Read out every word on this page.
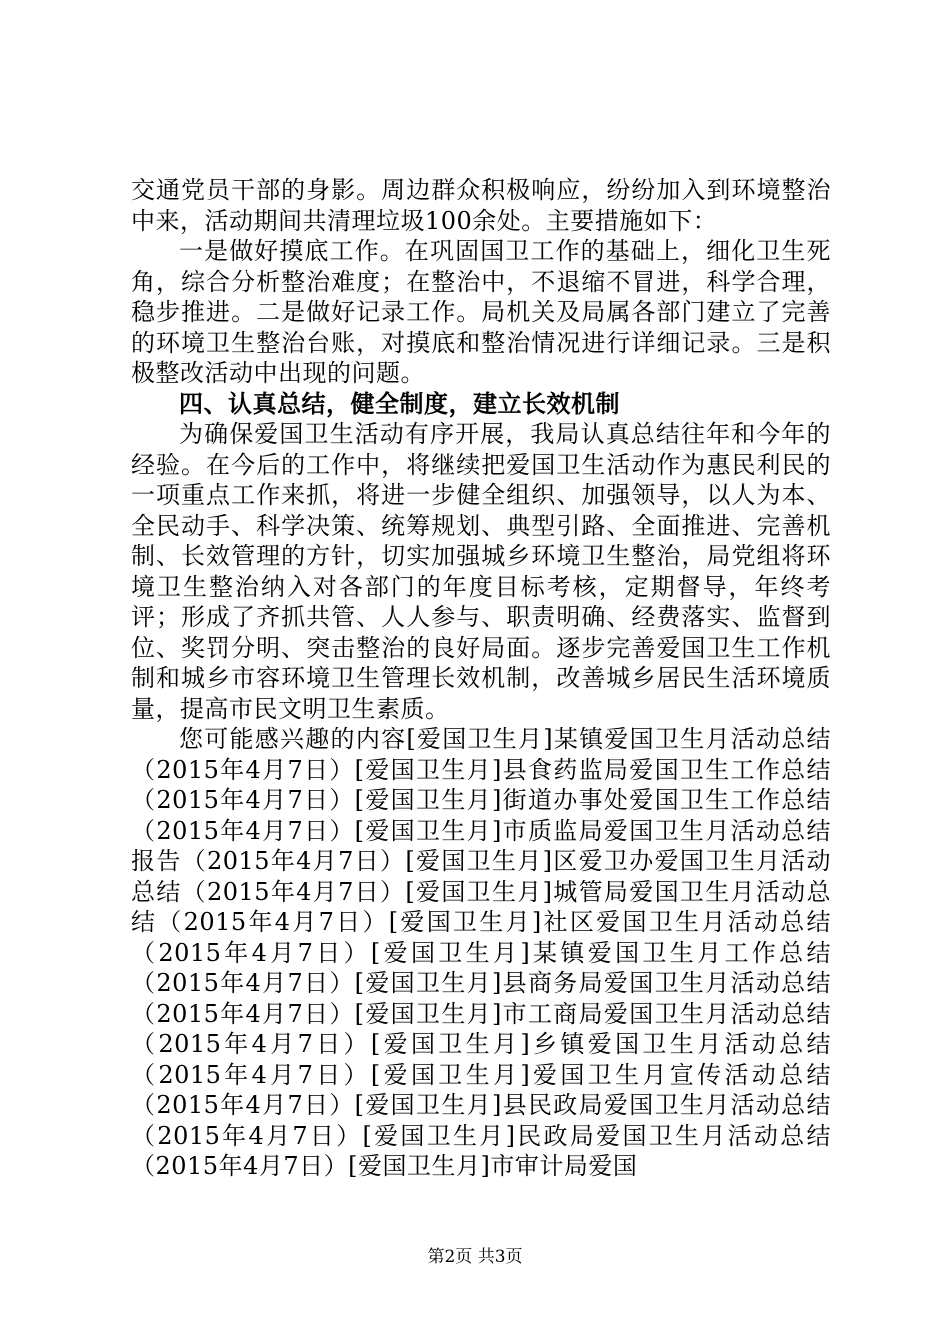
交通党员干部的身影。周边群众积极响应，纷纷加入到环境整治中来，活动期间共清理垃圾100余处。主要措施如下：

一是做好摸底工作。在巩固国卫工作的基础上，细化卫生死角，综合分析整治难度；在整治中，不退缩不冒进，科学合理，稳步推进。二是做好记录工作。局机关及局属各部门建立了完善的环境卫生整治台账，对摸底和整治情况进行详细记录。三是积极整改活动中出现的问题。

四、认真总结，健全制度，建立长效机制

为确保爱国卫生活动有序开展，我局认真总结往年和今年的经验。在今后的工作中，将继续把爱国卫生活动作为惠民利民的一项重点工作来抓，将进一步健全组织、加强领导，以人为本、全民动手、科学决策、统筹规划、典型引路、全面推进、完善机制、长效管理的方针，切实加强城乡环境卫生整治，局党组将环境卫生整治纳入对各部门的年度目标考核，定期督导，年终考评；形成了齐抓共管、人人参与、职责明确、经费落实、监督到位、奖罚分明、突击整治的良好局面。逐步完善爱国卫生工作机制和城乡市容环境卫生管理长效机制，改善城乡居民生活环境质量，提高市民文明卫生素质。

您可能感兴趣的内容[爱国卫生月]某镇爱国卫生月活动总结（2015年4月7日）[爱国卫生月]县食药监局爱国卫生工作总结（2015年4月7日）[爱国卫生月]街道办事处爱国卫生工作总结（2015年4月7日）[爱国卫生月]市质监局爱国卫生月活动总结报告（2015年4月7日）[爱国卫生月]区爱卫办爱国卫生月活动总结（2015年4月7日）[爱国卫生月]城管局爱国卫生月活动总结（2015年4月7日）[爱国卫生月]社区爱国卫生月活动总结（2015年4月7日）[爱国卫生月]某镇爱国卫生月工作总结（2015年4月7日）[爱国卫生月]县商务局爱国卫生月活动总结（2015年4月7日）[爱国卫生月]市工商局爱国卫生月活动总结（2015年4月7日）[爱国卫生月]乡镇爱国卫生月活动总结（2015年4月7日）[爱国卫生月]爱国卫生月宣传活动总结（2015年4月7日）[爱国卫生月]县民政局爱国卫生月活动总结（2015年4月7日）[爱国卫生月]民政局爱国卫生月活动总结（2015年4月7日）[爱国卫生月]市审计局爱国

第2页 共3页
